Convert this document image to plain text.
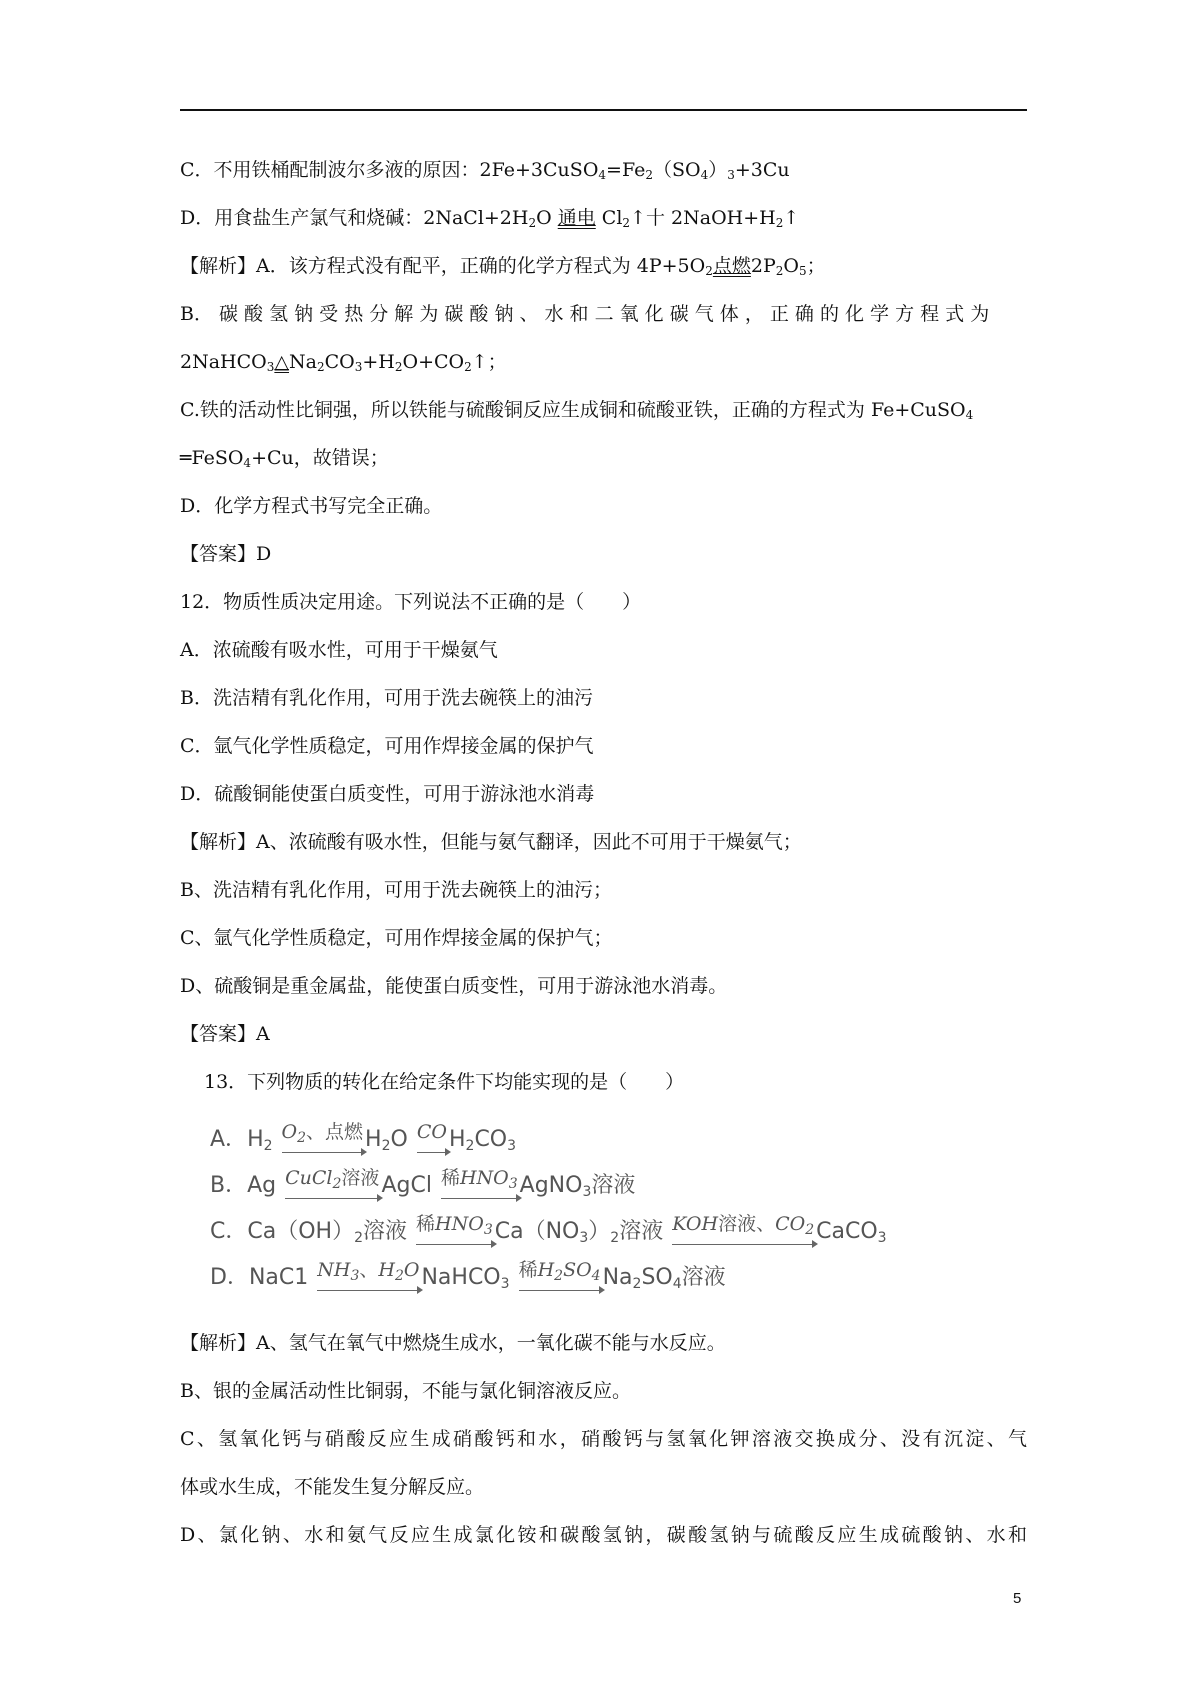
C．不用铁桶配制波尔多液的原因：$2Fe+3CuSO_4=Fe_2(SO_4)_3+3Cu$
D．用食盐生产氯气和烧碱：$2NaCl+2H_2O$ 通电 $Cl_2↑$十 $2NaOH+H_2↑$
【解析】A．该方程式没有配平，正确的化学方程式为 $4P+5O_2$点燃$2P_2O_5$；
B． 碳 酸 氢 钠 受 热 分 解 为 碳 酸 钠 、 水 和 二 氧 化 碳 气 体 ， 正 确 的 化 学 方 程 式 为
$2NaHCO_3\triangle Na_2CO_3+H_2O+CO_2↑$；
C.铁的活动性比铜强，所以铁能与硫酸铜反应生成铜和硫酸亚铁，正确的方程式为 Fe+CuSO$_4$
═FeSO$_4$+Cu，故错误；
D．化学方程式书写完全正确。
【答案】D
12．物质性质决定用途。下列说法不正确的是（　　）
A．浓硫酸有吸水性，可用于干燥氨气
B．洗洁精有乳化作用，可用于洗去碗筷上的油污
C．氩气化学性质稳定，可用作焊接金属的保护气
D．硫酸铜能使蛋白质变性，可用于游泳池水消毒
【解析】A、浓硫酸有吸水性，但能与氨气翻译，因此不可用于干燥氨气；
B、洗洁精有乳化作用，可用于洗去碗筷上的油污；
C、氩气化学性质稳定，可用作焊接金属的保护气；
D、硫酸铜是重金属盐，能使蛋白质变性，可用于游泳池水消毒。
【答案】A
13．下列物质的转化在给定条件下均能实现的是（　　）
A．H2 $O_2$、点燃H2O COH2CO3
B．Ag CuCl$_2$溶液AgCl 稀$HNO_3AgNO3$溶液
C．Ca（OH）2溶液 稀$HNO_3Ca(NO3)2$溶液 KOH溶液、$CO_2CaCO3$
D．NaC1 $NH_3$、$H_2ONaHCO3$ 稀$H_2SO_4Na2SO4$溶液
【解析】A、氢气在氧气中燃烧生成水，一氧化碳不能与水反应。
B、银的金属活动性比铜弱，不能与氯化铜溶液反应。
C、氢氧化钙与硝酸反应生成硝酸钙和水，硝酸钙与氢氧化钾溶液交换成分、没有沉淀、气
体或水生成，不能发生复分解反应。
D、氯化钠、水和氨气反应生成氯化铵和碳酸氢钠，碳酸氢钠与硫酸反应生成硫酸钠、水和
5
